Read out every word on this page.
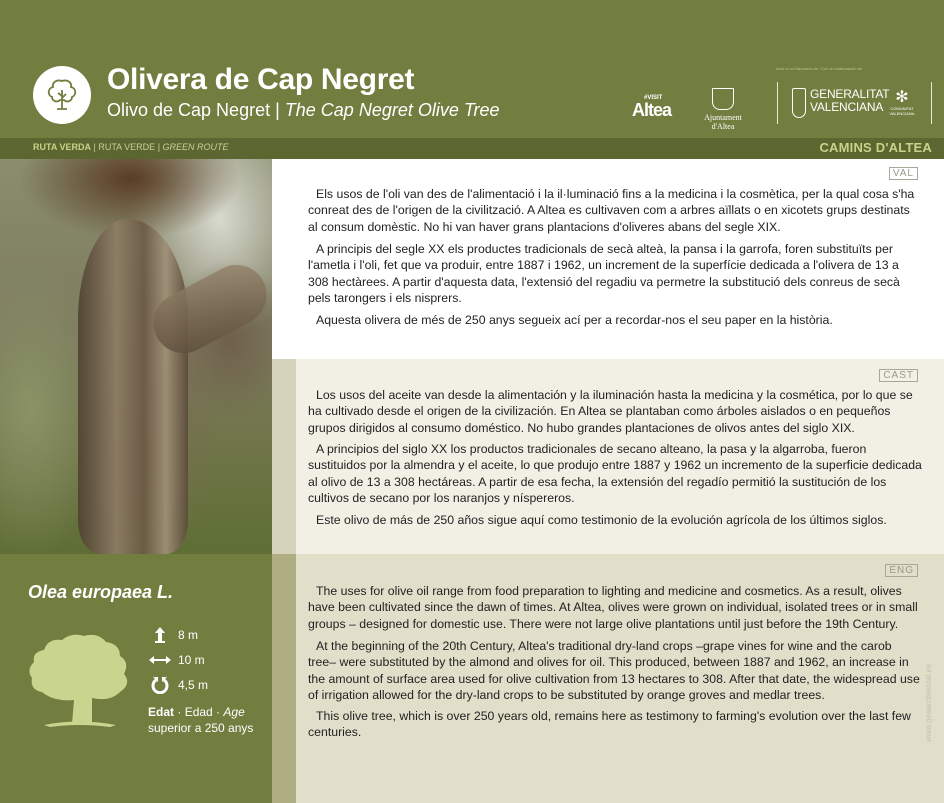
Olivera de Cap Negret
Olivo de Cap Negret | The Cap Negret Olive Tree
Amb la col·laboració de / Con la colaboración de
#VISIT
Altea	Ajuntament d'Altea
GENERALITAT
VALENCIANA
✻
COMUNITAT
VALENCIANA
RUTA VERDA | RUTA VERDE | GREEN ROUTE	CAMINS D'ALTEA
Olea europaea L.
8 m
10 m
4,5 m
Edat · Edad · Age
superior a 250 anys
VAL

Els usos de l'oli van des de l'alimentació i la il·luminació fins a la medicina i la cosmètica, per la qual cosa s'ha conreat des de l'origen de la civilització. A Altea es cultivaven com a arbres aïllats o en xicotets grups destinats al consum domèstic. No hi van haver grans plantacions d'oliveres abans del segle XIX.

A principis del segle XX els productes tradicionals de secà alteà, la pansa i la garrofa, foren substituïts per l'ametla i l'oli, fet que va produir, entre 1887 i 1962, un increment de la superfície dedicada a l'olivera de 13 a 308 hectàrees. A partir d'aquesta data, l'extensió del regadiu va permetre la substitució dels conreus de secà pels tarongers i els nisprers.

Aquesta olivera de més de 250 anys segueix ací per a recordar-nos el seu paper en la història.

CAST

Los usos del aceite van desde la alimentación y la iluminación hasta la medicina y la cosmética, por lo que se ha cultivado desde el origen de la civilización. En Altea se plantaban como árboles aislados o en pequeños grupos dirigidos al consumo doméstico. No hubo grandes plantaciones de olivos antes del siglo XIX.

A principios del siglo XX los productos tradicionales de secano alteano, la pasa y la algarroba, fueron sustituidos por la almendra y el aceite, lo que produjo entre 1887 y 1962 un incremento de la superficie dedicada al olivo de 13 a 308 hectáreas. A partir de esa fecha, la extensión del regadío permitió la sustitución de los cultivos de secano por los naranjos y níspereros.

Este olivo de más de 250 años sigue aquí como testimonio de la evolución agrícola de los últimos siglos.

ENG

The uses for olive oil range from food preparation to lighting and medicine and cosmetics. As a result, olives have been cultivated since the dawn of times. At Altea, olives were grown on individual, isolated trees or in small groups – designed for domestic use. There were not large olive plantations until just before the 19th Century.

At the beginning of the 20th Century, Altea's traditional dry-land crops –grape vines for wine and the carob tree– were substituted by the almond and olives for oil. This produced, between 1887 and 1962, an increase in the amount of surface area used for olive cultivation from 13 hectares to 308. After that date, the widespread use of irrigation allowed for the dry-land crops to be substituted by orange groves and medlar trees.

This olive tree, which is over 250 years old, remains here as testimony to farming's evolution over the last few centuries.	www.geaambiental.es
